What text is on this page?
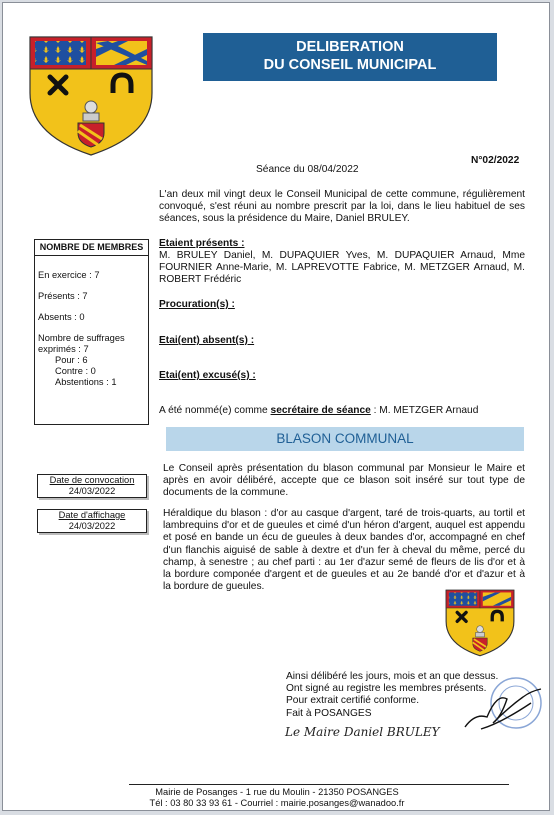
DELIBERATION
DU CONSEIL MUNICIPAL
Séance du 08/04/2022
N°02/2022
L'an deux mil vingt deux le Conseil Municipal de cette commune, régulièrement convoqué, s'est réuni au nombre prescrit par la loi, dans le lieu habituel de ses séances, sous la présidence du Maire, Daniel BRULEY.
NOMBRE DE MEMBRES
En exercice : 7
Présents : 7
Absents : 0
Nombre de suffrages
exprimés : 7
Pour : 6
Contre : 0
Abstentions : 1
Etaient présents :
M. BRULEY Daniel, M. DUPAQUIER Yves, M. DUPAQUIER Arnaud, Mme FOURNIER Anne-Marie, M. LAPREVOTTE Fabrice, M. METZGER Arnaud, M. ROBERT Frédéric
Procuration(s) :
Etai(ent) absent(s) :
Etai(ent) excusé(s) :
A été nommé(e) comme secrétaire de séance : M. METZGER Arnaud
BLASON COMMUNAL
Date de convocation
24/03/2022
Date d'affichage
24/03/2022
Le Conseil après présentation du blason communal par Monsieur le Maire et après en avoir délibéré, accepte que ce blason soit inséré sur tout type de documents de la commune.
Héraldique du blason : d'or au casque d'argent, taré de trois-quarts, au tortil et lambrequins d'or et de gueules et cimé d'un héron d'argent, auquel est appendu et posé en bande un écu de gueules à deux bandes d'or, accompagné en chef d'un flanchis aiguisé de sable à dextre et d'un fer à cheval du même, percé du champ, à senestre ; au chef parti : au 1er d'azur semé de fleurs de lis d'or et à la bordure componée d'argent et de gueules et au 2e bandé d'or et d'azur et à la bordure de gueules.
Ainsi délibéré les jours, mois et an que dessus.
Ont signé au registre les membres présents.
Pour extrait certifié conforme.
Fait à POSANGES
Le Maire Daniel BRULEY
Mairie de Posanges - 1 rue du Moulin - 21350 POSANGES
Tél : 03 80 33 93 61 - Courriel : mairie.posanges@wanadoo.fr
